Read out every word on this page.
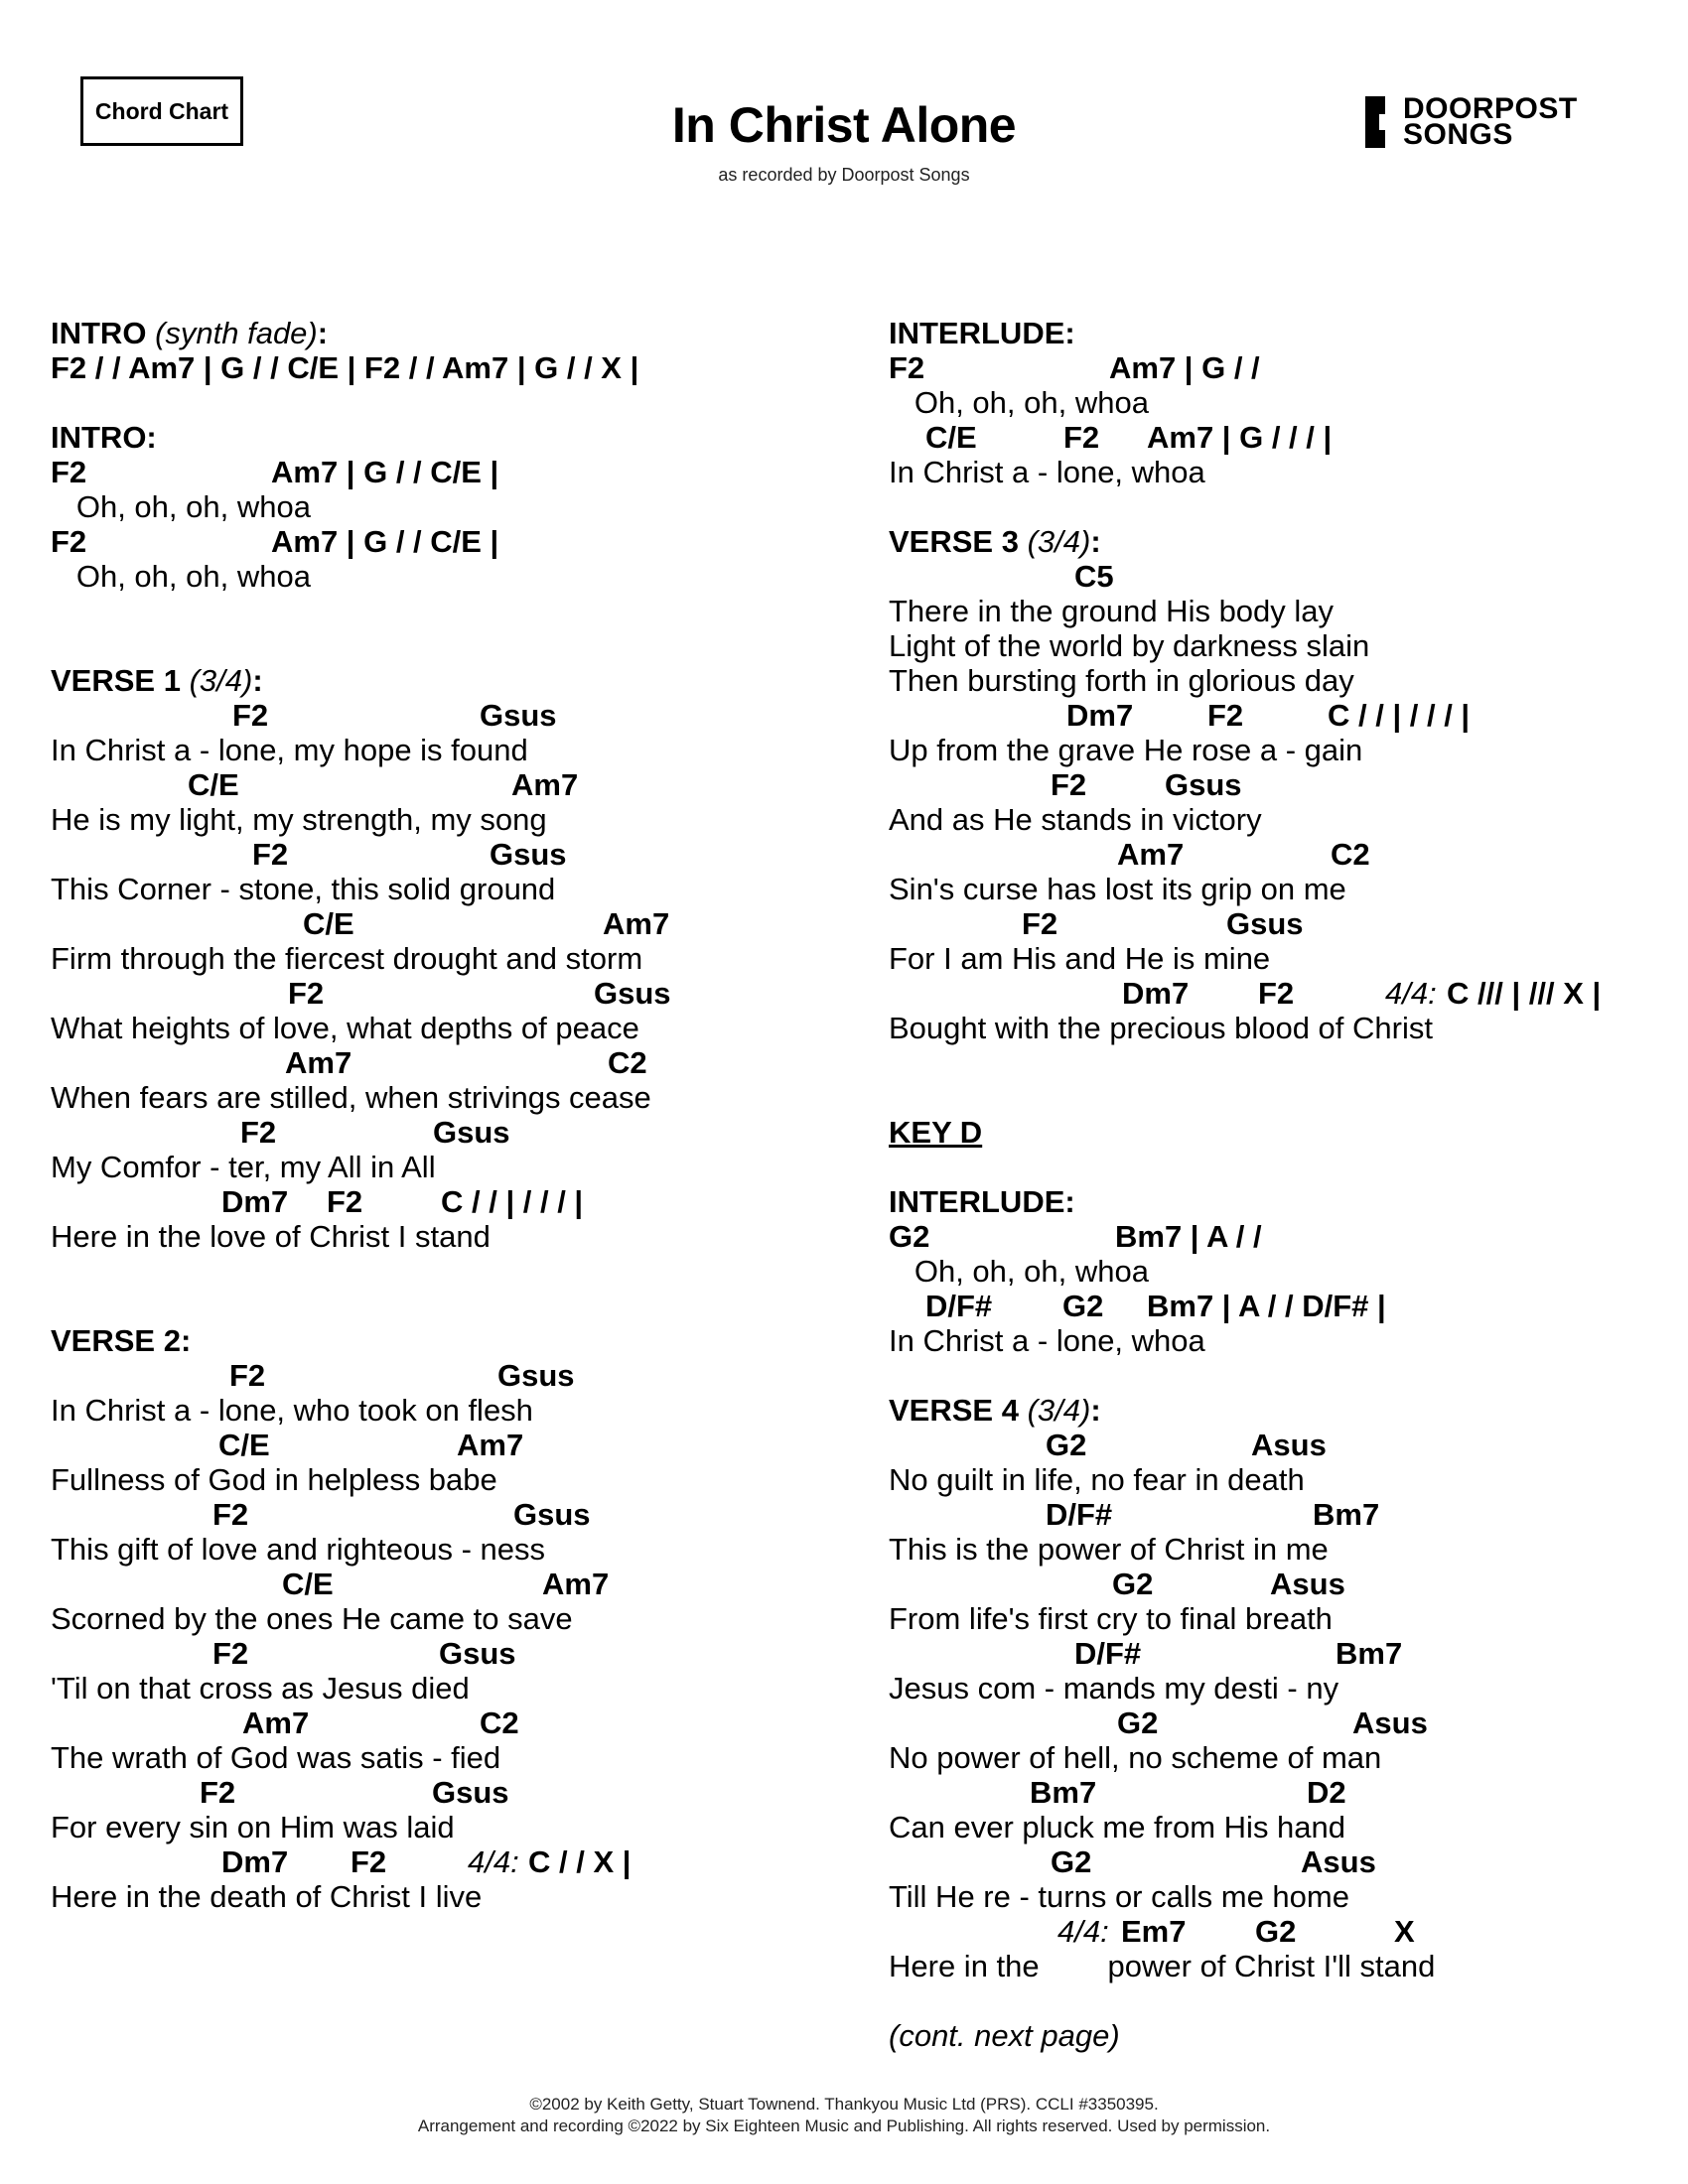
Chord Chart	In Christ Alone
as recorded by Doorpost Songs
DOORPOST
SONGS
INTRO (synth fade):
F2 / / Am7 | G / / C/E | F2 / / Am7 | G / / X |
INTRO:
F2	Am7 | G / / C/E |
Oh, oh, oh, whoa
F2	Am7 | G / / C/E |
Oh, oh, oh, whoa
VERSE 1 (3/4):
F2	Gsus
In Christ a - lone, my hope is found
C/E	Am7
He is my light, my strength, my song
F2	Gsus
This Corner - stone, this solid ground
C/E	Am7
Firm through the fiercest drought and storm
F2	Gsus
What heights of love, what depths of peace
Am7	C2
When fears are stilled, when strivings cease
F2	Gsus
My Comfor - ter, my All in All
Dm7 F2	C / / | / / / |
Here in the love of Christ I stand
VERSE 2:
F2	Gsus
In Christ a - lone, who took on flesh
C/E	Am7
Fullness of God in helpless babe
F2	Gsus
This gift of love and righteous - ness
C/E	Am7
Scorned by the ones He came to save
F2	Gsus
'Til on that cross as Jesus died
Am7	C2
The wrath of God was satis - fied
F2	Gsus
For every sin on Him was laid
Dm7 F2	4/4: C / / X |
Here in the death of Christ I live
INTERLUDE:
F2	Am7 | G / /
Oh, oh, oh, whoa
C/E	F2 Am7 | G / / / |
In Christ a - lone, whoa
VERSE 3 (3/4):
C5
There in the ground His body lay
Light of the world by darkness slain
Then bursting forth in glorious day
Dm7 F2	C / / | / / / |
Up from the grave He rose a - gain
F2	Gsus
And as He stands in victory
Am7	C2
Sin's curse has lost its grip on me
F2	Gsus
For I am His and He is mine
Dm7 F2	4/4: C /// | /// X |
Bought with the precious blood of Christ
KEY D
INTERLUDE:
G2	Bm7 | A / /
Oh, oh, oh, whoa
D/F# G2 Bm7 | A / / D/F# |
In Christ a - lone, whoa
VERSE 4 (3/4):
G2	Asus
No guilt in life, no fear in death
D/F#	Bm7
This is the power of Christ in me
G2	Asus
From life's first cry to final breath
D/F#	Bm7
Jesus com - mands my desti - ny
G2	Asus
No power of hell, no scheme of man
Bm7	D2
Can ever pluck me from His hand
G2	Asus
Till He re - turns or calls me home
4/4: Em7 G2	X
Here in the        power of Christ I'll stand
(cont. next page)
©2002 by Keith Getty, Stuart Townend. Thankyou Music Ltd (PRS). CCLI #3350395.
Arrangement and recording ©2022 by Six Eighteen Music and Publishing. All rights reserved. Used by permission.
